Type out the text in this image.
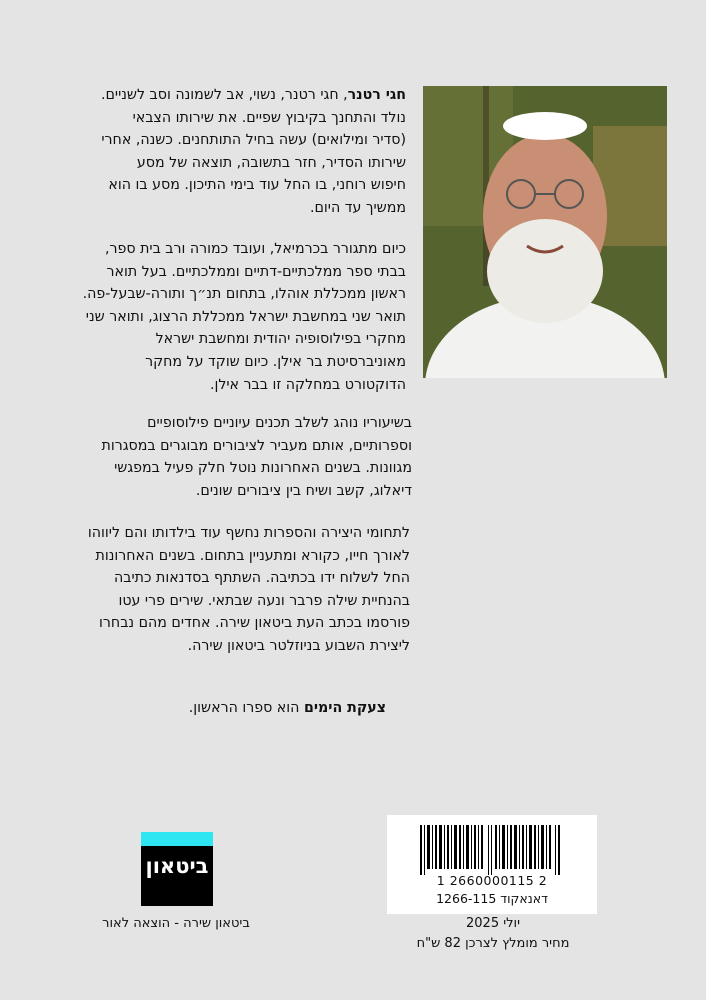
חגי רטנר, חגי רטנר, נשוי, אב לשמונה וסב לשניים. נולד והתחנך בקיבוץ שפיים. את שירותו הצבאי (סדיר ומילואים) עשה בחיל התותחנים. כשנה, אחרי שירותו הסדיר, חזר בתשובה, תוצאה של מסע חיפוש רוחני, בו החל עוד בימי התיכון. מסע בו הוא ממשיך עד היום.

כיום מתגורר בכרמיאל, ועובד כמורה ורב בית ספר, בבתי ספר ממלכתיים-דתיים וממלכתיים. בעל תואר ראשון ממכללת אוהלו, בתחום תנ״ך ותורה-שבעל-פה. תואר שני במחשבת ישראל ממכללת הרצוג, ותואר שני מחקרי בפילוסופיה יהודית ומחשבת ישראל מאוניברסיטת בר אילן. כיום שוקד על מחקר הדוקטורט במחלקה זו בבר אילן.

בשיעוריו נוהג לשלב תכנים עיוניים פילוסופיים וספרותיים, אותם מעביר לציבורים מבוגרים במסגרות מגוונות. בשנים האחרונות נוטל חלק פעיל במפגשי דיאלוג, קשב ושיח בין ציבורים שונים.

לתחומי היצירה והספרות נחשף עוד בילדותו והם ליווהו לאורך חייו, כקורא ומתעניין בתחום. בשנים האחרונות החל לשלוח ידו בכתיבה. השתתף בסדנאות כתיבה בהנחיית שילה פרבר ונעה שבתאי. שירים פרי עטו פורסמו בכתב העת ביטאון שירה. אחדים מהם נבחרו ליצירת השבוע בניוזלטר ביטאון שירה.

צעקת הימים הוא ספרו הראשון.

ביטאון
ביטאון שירה - הוצאה לאור
1 2660000115 2
דאנאקוד 1266-115
יולי 2025
מחיר מומלץ לצרכן 82 ש"ח
